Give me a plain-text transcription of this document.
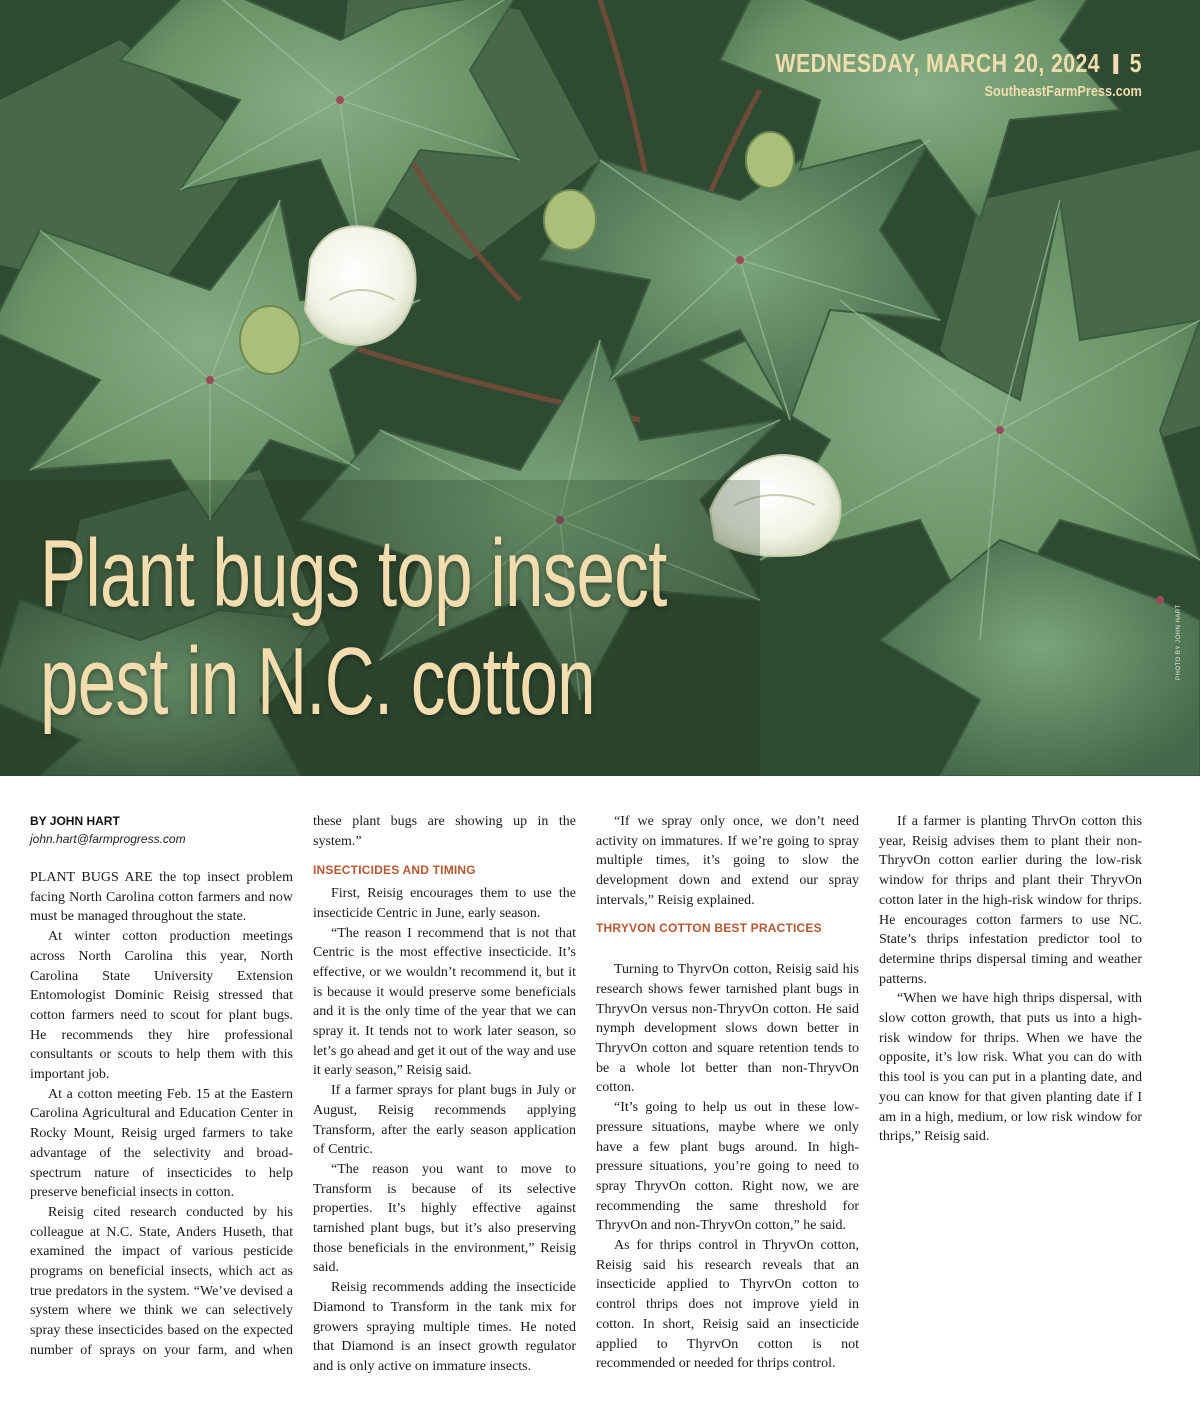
WEDNESDAY, MARCH 20, 2024 5
SoutheastFarmPress.com
Plant bugs top insect
pest in N.C. cotton	PHOTO BY JOHN HART
BY JOHN HART
john.hart@farmprogress.com

PLANT BUGS ARE the top insect problem facing North Carolina cotton farmers and now must be managed throughout the state.

At winter cotton production meetings across North Carolina this year, North Carolina State University Extension Entomologist Dominic Reisig stressed that cotton farmers need to scout for plant bugs. He recommends they hire professional consultants or scouts to help them with this important job.

At a cotton meeting Feb. 15 at the Eastern Carolina Agricultural and Education Center in Rocky Mount, Reisig urged farmers to take advantage of the selectivity and broad-spectrum nature of insecticides to help preserve beneficial insects in cotton.

Reisig cited research conducted by his colleague at N.C. State, Anders Huseth, that examined the impact of various pesticide programs on beneficial insects, which act as true predators in the system. “We’ve devised a system where we think we can selectively spray these insecticides based on the expected number of sprays on your farm, and when these plant bugs are showing up in the system.”

INSECTICIDES AND TIMING

First, Reisig encourages them to use the insecticide Centric in June, early season.

“The reason I recommend that is not that Centric is the most effective insecticide. It’s effective, or we wouldn’t recommend it, but it is because it would preserve some beneficials and it is the only time of the year that we can spray it. It tends not to work later season, so let’s go ahead and get it out of the way and use it early season,” Reisig said.

If a farmer sprays for plant bugs in July or August, Reisig recommends applying Transform, after the early season application of Centric.

“The reason you want to move to Transform is because of its selective properties. It’s highly effective against tarnished plant bugs, but it’s also preserving those beneficials in the environment,” Reisig said.

Reisig recommends adding the insecticide Diamond to Transform in the tank mix for growers spraying multiple times. He noted that Diamond is an insect growth regulator and is only active on immature insects.

“If we spray only once, we don’t need activity on immatures. If we’re going to spray multiple times, it’s going to slow the development down and extend our spray intervals,” Reisig explained.

THRYVON COTTON BEST PRACTICES

Turning to ThyrvOn cotton, Reisig said his research shows fewer tarnished plant bugs in ThryvOn versus non-ThryvOn cotton. He said nymph development slows down better in ThryvOn cotton and square retention tends to be a whole lot better than non-ThryvOn cotton.

“It’s going to help us out in these low-pressure situations, maybe where we only have a few plant bugs around. In high- pressure situations, you’re going to need to spray ThryvOn cotton. Right now, we are recommending the same threshold for ThryvOn and non-ThryvOn cotton,” he said.

As for thrips control in ThryvOn cotton, Reisig said his research reveals that an insecticide applied to ThyrvOn cotton to control thrips does not improve yield in cotton. In short, Reisig said an insecticide applied to ThyrvOn cotton is not recommended or needed for thrips control.

If a farmer is planting ThrvOn cotton this year, Reisig advises them to plant their non-ThryvOn cotton earlier during the low-risk window for thrips and plant their ThryvOn cotton later in the high-risk window for thrips. He encourages cotton farmers to use NC. State’s thrips infestation predictor tool to determine thrips dispersal timing and weather patterns.

“When we have high thrips dispersal, with slow cotton growth, that puts us into a high-risk window for thrips. When we have the opposite, it’s low risk. What you can do with this tool is you can put in a planting date, and you can know for that given planting date if I am in a high, medium, or low risk window for thrips,” Reisig said.
